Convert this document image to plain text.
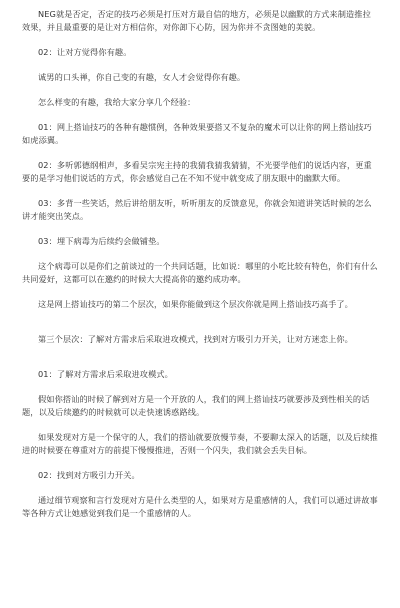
NEG就是否定，否定的技巧必须是打压对方最自信的地方，必须是以幽默的方式来制造推拉效果，并且最重要的是让对方相信你，对你卸下心防，因为你并不贪图她的美貌。

02：让对方觉得你有趣。

诚男的口头禅，你自己变的有趣，女人才会觉得你有趣。

怎么样变的有趣，我给大家分享几个经验：

01：网上搭讪技巧的各种有趣惯例，各种效果要搭又不复杂的魔术可以让你的网上搭讪技巧如虎添翼。

02：多听郭德纲相声，多看吴宗宪主持的我猜我猜我猜猜，不光要学他们的说话内容，更重要的是学习他们说话的方式，你会感觉自己在不知不觉中就变成了朋友眼中的幽默大师。

03：多背一些笑话，然后讲给朋友听，听听朋友的反馈意见，你就会知道讲笑话时候的怎么讲才能突出笑点。

03：埋下病毒为后续约会做铺垫。

这个病毒可以是你们之前谈过的一个共同话题，比如说：哪里的小吃比较有特色，你们有什么共同爱好，这都可以在邀约的时候大大提高你的邀约成功率。

这是网上搭讪技巧的第二个层次，如果你能做到这个层次你就是网上搭讪技巧高手了。

第三个层次：了解对方需求后采取进攻模式，找到对方吸引力开关，让对方迷恋上你。

01：了解对方需求后采取进攻模式。

假如你搭讪的时候了解到对方是一个开放的人，我们的网上搭讪技巧就要涉及到性相关的话题，以及后续邀约的时候就可以走快速诱惑路线。

如果发现对方是一个保守的人，我们的搭讪就要放慢节奏，不要聊太深入的话题，以及后续推进的时候要在尊重对方的前提下慢慢推进，否则一个闪失，我们就会丢失目标。

02：找到对方吸引力开关。

通过细节观察和言行发现对方是什么类型的人，如果对方是重感情的人，我们可以通过讲故事等各种方式让她感觉到我们是一个重感情的人。
